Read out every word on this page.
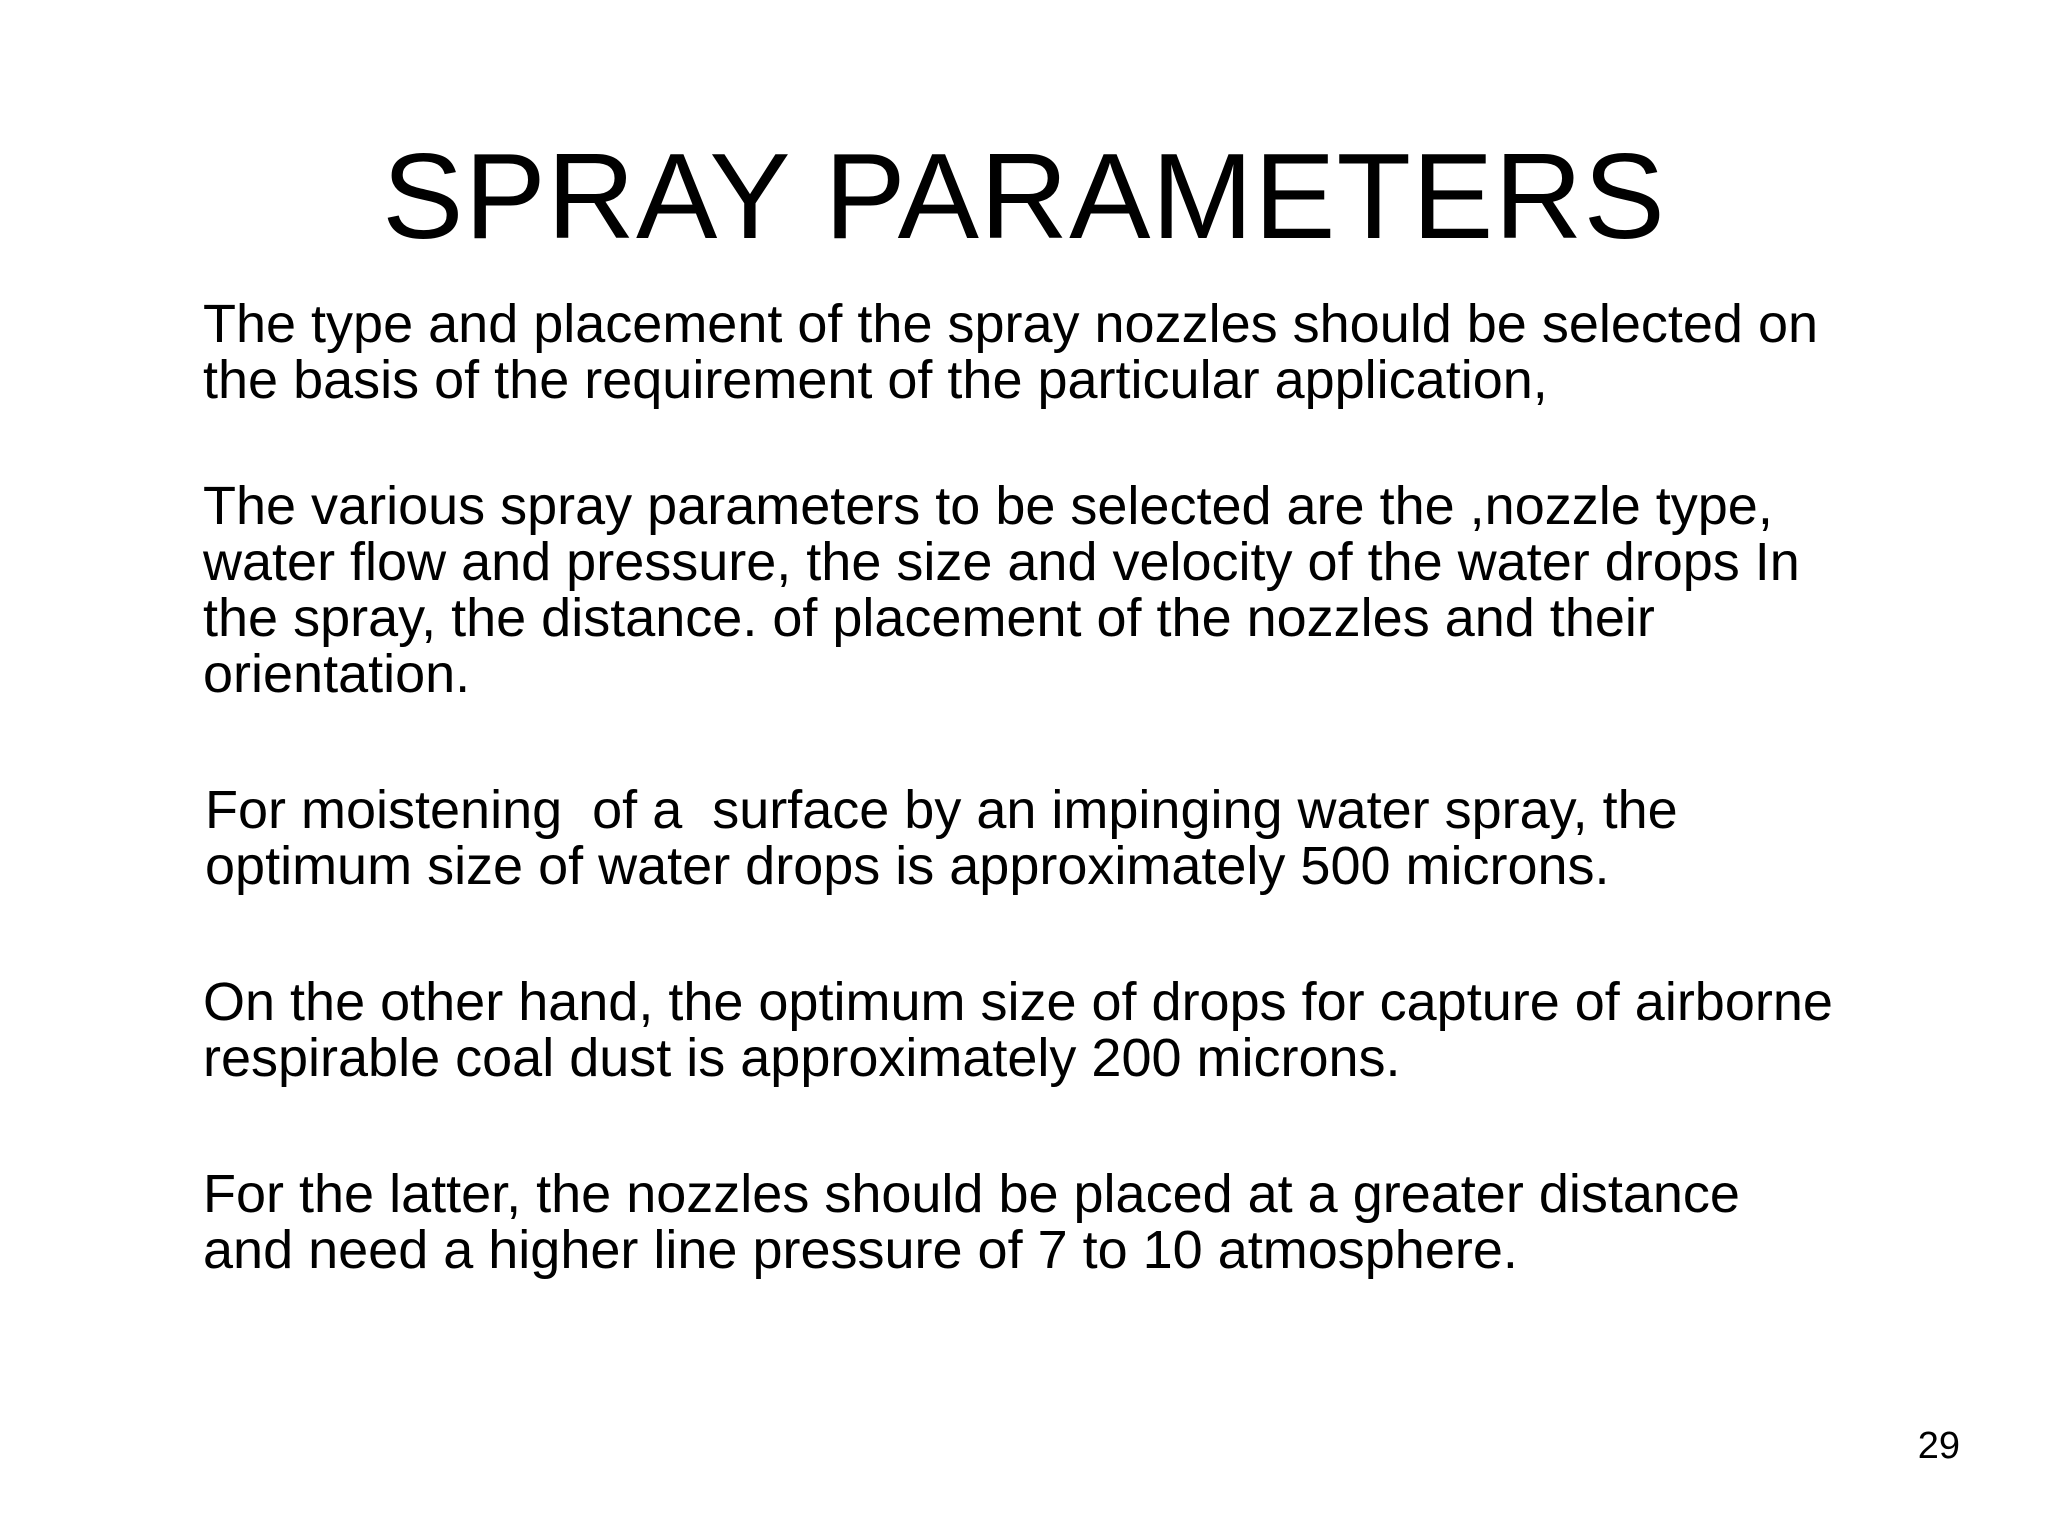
SPRAY PARAMETERS

The type and placement of the spray nozzles should be selected on
the basis of the requirement of the particular application,

The various spray parameters to be selected are the ,nozzle type,
water flow and pressure, the size and velocity of the water drops In
the spray, the distance. of placement of the nozzles and their
orientation.

For moistening  of a  surface by an impinging water spray, the
optimum size of water drops is approximately 500 microns.

On the other hand, the optimum size of drops for capture of airborne
respirable coal dust is approximately 200 microns.

For the latter, the nozzles should be placed at a greater distance
and need a higher line pressure of 7 to 10 atmosphere.

29
